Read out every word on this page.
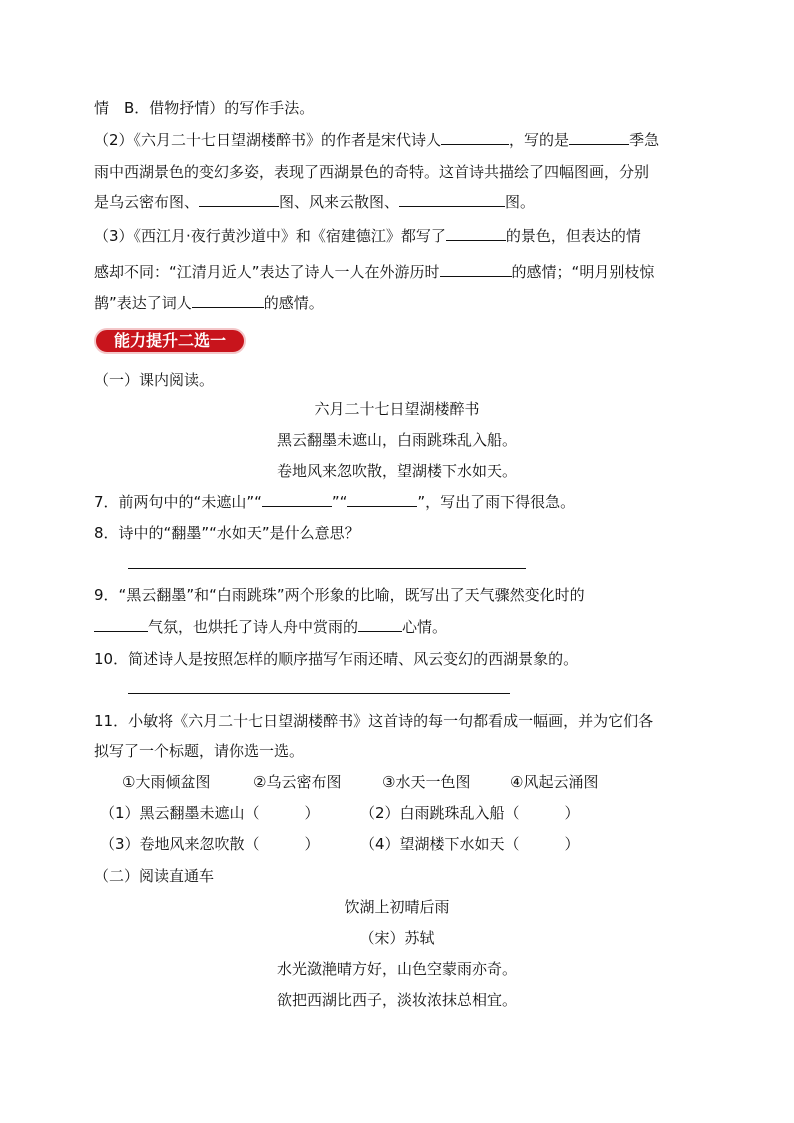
情　B．借物抒情）的写作手法。
（2）《六月二十七日望湖楼醉书》的作者是宋代诗人	，写的是	季急
雨中西湖景色的变幻多姿，表现了西湖景色的奇特。这首诗共描绘了四幅图画，分别
是乌云密布图、	图、风来云散图、	图。
（3）《西江月·夜行黄沙道中》和《宿建德江》都写了	的景色，但表达的情
感却不同：“江清月近人”表达了诗人一人在外游历时	的感情；“明月别枝惊
鹊”表达了词人	的感情。
能力提升二选一
（一）课内阅读。
六月二十七日望湖楼醉书
黑云翻墨未遮山，白雨跳珠乱入船。
卷地风来忽吹散，望湖楼下水如天。
7．前两句中的“未遮山”“	”“	”，写出了雨下得很急。
8．诗中的“翻墨”“水如天”是什么意思？
9．“黑云翻墨”和“白雨跳珠”两个形象的比喻，既写出了天气骤然变化时的
气氛，也烘托了诗人舟中赏雨的	心情。
10．简述诗人是按照怎样的顺序描写乍雨还晴、风云变幻的西湖景象的。
11．小敏将《六月二十七日望湖楼醉书》这首诗的每一句都看成一幅画，并为它们各
拟写了一个标题，请你选一选。
①大雨倾盆图	②乌云密布图	③水天一色图	④风起云涌图
（1）黑云翻墨未遮山（　　　）	（2）白雨跳珠乱入船（　　　）
（3）卷地风来忽吹散（　　　）	（4）望湖楼下水如天（　　　）
（二）阅读直通车
饮湖上初晴后雨
（宋）苏轼
水光潋滟晴方好，山色空蒙雨亦奇。
欲把西湖比西子，淡妆浓抹总相宜。
